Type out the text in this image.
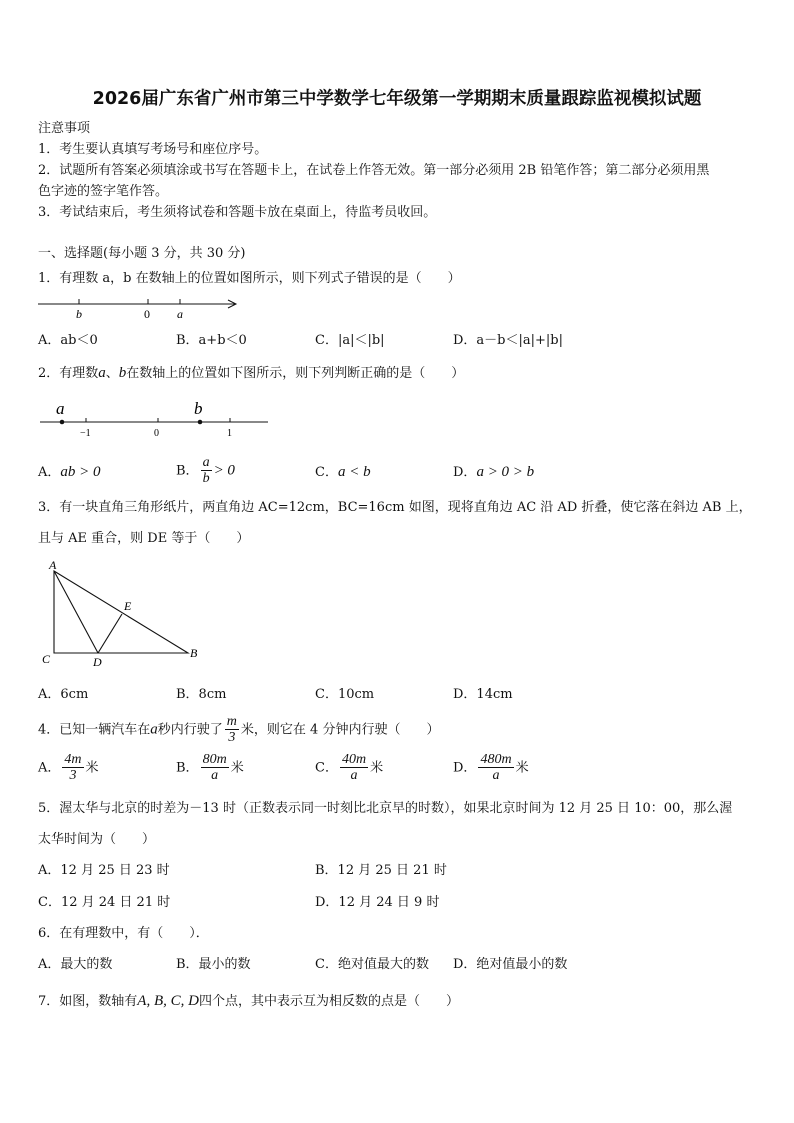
2026届广东省广州市第三中学数学七年级第一学期期末质量跟踪监视模拟试题
注意事项
1．考生要认真填写考场号和座位序号。
2．试题所有答案必须填涂或书写在答题卡上，在试卷上作答无效。第一部分必须用 2B 铅笔作答；第二部分必须用黑
色字迹的签字笔作答。
3．考试结束后，考生须将试卷和答题卡放在桌面上，待监考员收回。
一、选择题(每小题 3 分，共 30 分)
1．有理数 a，b 在数轴上的位置如图所示，则下列式子错误的是（　　）
b	0 a
A．ab＜0	B．a+b＜0	C．|a|＜|b|	D．a－b＜|a|+|b|
2．有理数a、b在数轴上的位置如下图所示，则下列判断正确的是（　　）
a	b
−1	0	1
A．ab > 0	B． $\frac{a}{b} > 0$	C．a < b	D．a > 0 > b
3．有一块直角三角形纸片，两直角边 AC=12cm，BC=16cm 如图，现将直角边 AC 沿 AD 折叠，使它落在斜边 AB 上，
且与 AE 重合，则 DE 等于（　　）
A
C	D
E
B
A．6cm	B．8cm	C．10cm	D．14cm
4．已知一辆汽车在a秒内行驶了 $\frac{m}{3}$ 米，则它在 4 分钟内行驶（　　）
A． $\frac{4m}{3}$ 米	B． $\frac{80m}{a}$ 米	C． $\frac{40m}{a}$ 米	D． $\frac{480m}{a}$ 米
5．渥太华与北京的时差为－13 时（正数表示同一时刻比北京早的时数），如果北京时间为 12 月 25 日 10：00，那么渥
太华时间为（　　）
A．12 月 25 日 23 时	B．12 月 25 日 21 时
C．12 月 24 日 21 时	D．12 月 24 日 9 时
6．在有理数中，有（　　）．
A．最大的数	B．最小的数	C．绝对值最大的数 D．绝对值最小的数
7．如图，数轴有A, B, C, D四个点，其中表示互为相反数的点是（　　）
